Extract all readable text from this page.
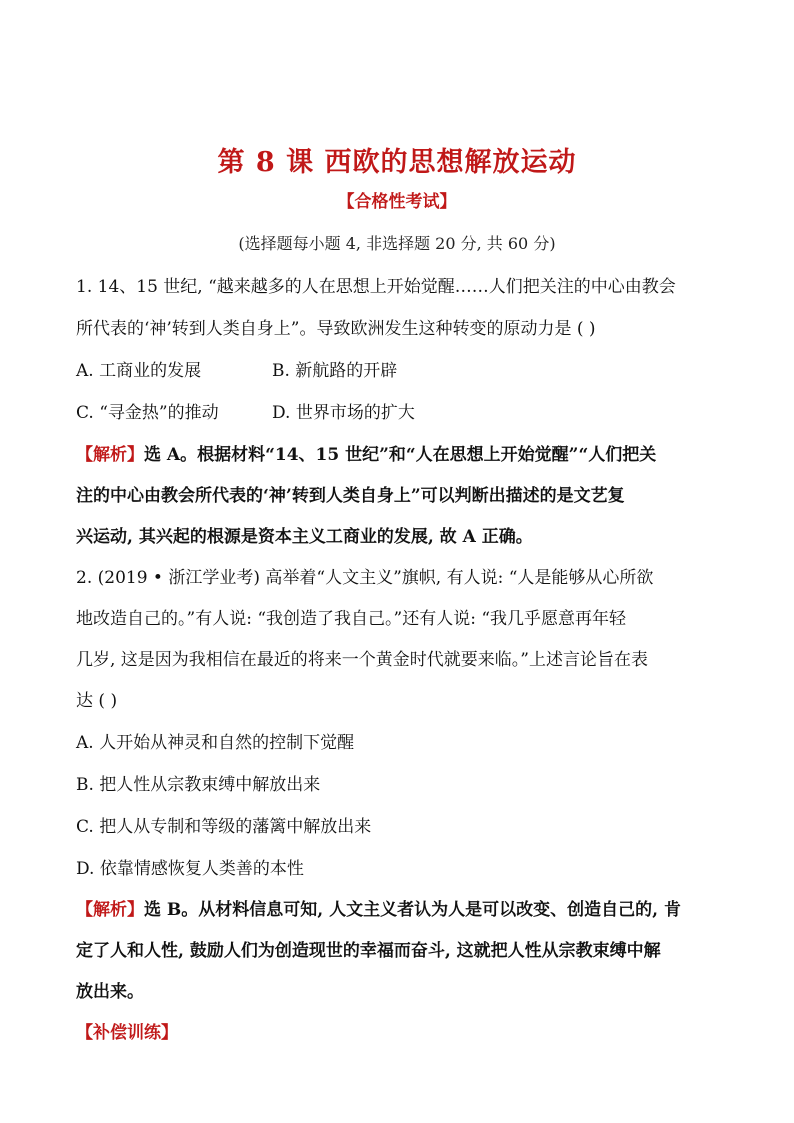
第 8 课 西欧的思想解放运动
【合格性考试】
(选择题每小题 4, 非选择题 20 分, 共 60 分)
1. 14、15 世纪, “越来越多的人在思想上开始觉醒……人们把关注的中心由教会
所代表的‘神’转到人类自身上”。导致欧洲发生这种转变的原动力是 ( )
A. 工商业的发展	B. 新航路的开辟
C. “寻金热”的推动	D. 世界市场的扩大
【解析】选 A。根据材料“14、15 世纪”和“人在思想上开始觉醒”“人们把关
注的中心由教会所代表的‘神’转到人类自身上”可以判断出描述的是文艺复
兴运动, 其兴起的根源是资本主义工商业的发展, 故 A 正确。
2. (2019 • 浙江学业考) 高举着“人文主义”旗帜, 有人说: “人是能够从心所欲
地改造自己的。”有人说: “我创造了我自己。”还有人说: “我几乎愿意再年轻
几岁, 这是因为我相信在最近的将来一个黄金时代就要来临。”上述言论旨在表
达 ( )
A. 人开始从神灵和自然的控制下觉醒
B. 把人性从宗教束缚中解放出来
C. 把人从专制和等级的藩篱中解放出来
D. 依靠情感恢复人类善的本性
【解析】选 B。从材料信息可知, 人文主义者认为人是可以改变、创造自己的, 肯
定了人和人性, 鼓励人们为创造现世的幸福而奋斗, 这就把人性从宗教束缚中解
放出来。
【补偿训练】
